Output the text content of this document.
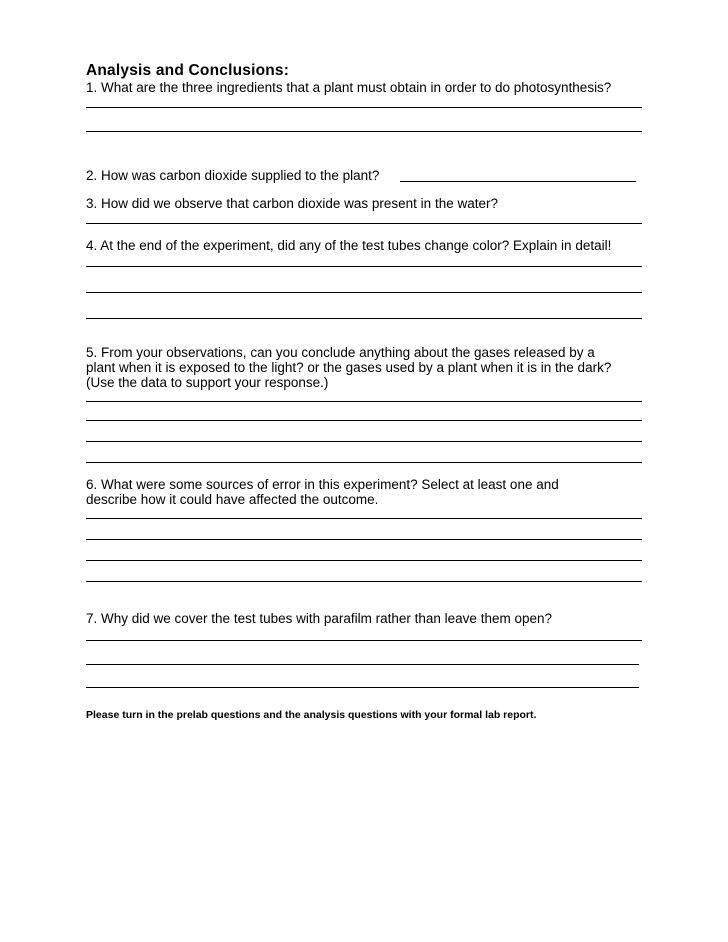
Analysis and Conclusions:
1. What are the three ingredients that a plant must obtain in order to do photosynthesis?
2. How was carbon dioxide supplied to the plant?
3. How did we observe that carbon dioxide was present in the water?
4. At the end of the experiment, did any of the test tubes change color? Explain in detail!
5. From your observations, can you conclude anything about the gases released by a
plant when it is exposed to the light? or the gases used by a plant when it is in the dark?
(Use the data to support your response.)
6. What were some sources of error in this experiment? Select at least one and
describe how it could have affected the outcome.
7. Why did we cover the test tubes with parafilm rather than leave them open?
Please turn in the prelab questions and the analysis questions with your formal lab report.
